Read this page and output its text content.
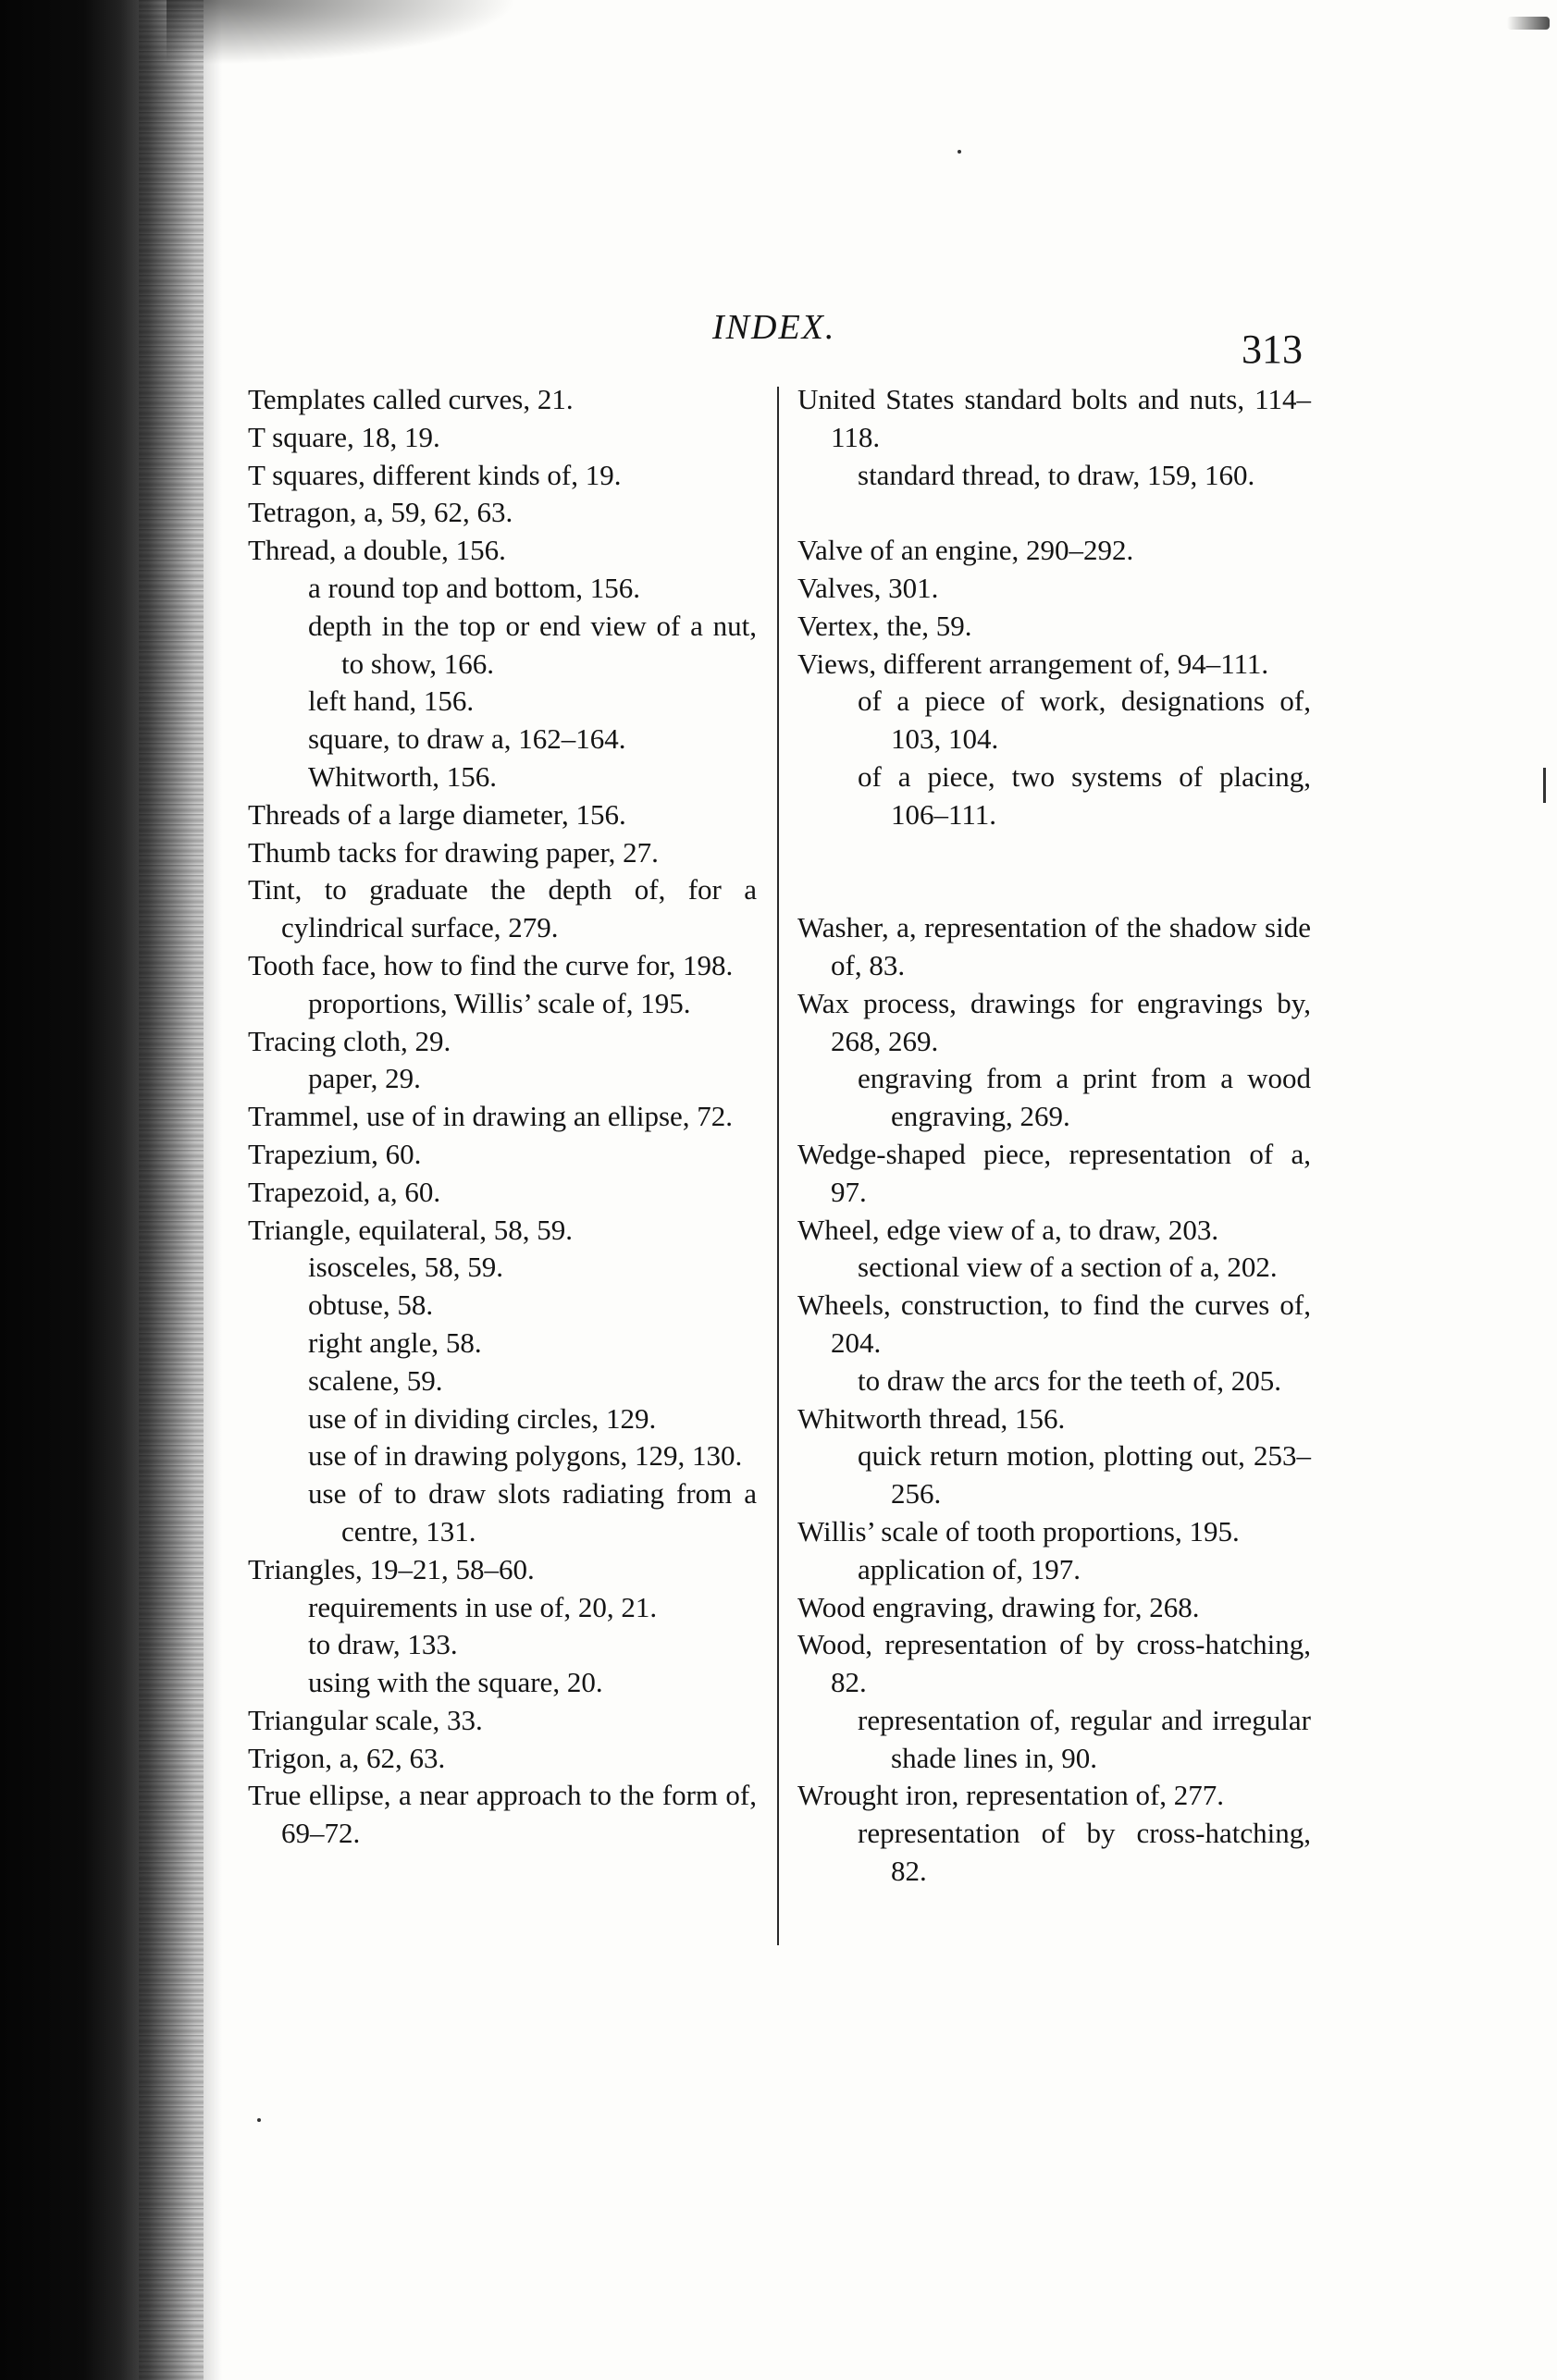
INDEX.	313
Templates called curves, 21.
T square, 18, 19.
T squares, different kinds of, 19.
Tetragon, a, 59, 62, 63.
Thread, a double, 156.
a round top and bottom, 156.
depth in the top or end view of a nut, to show, 166.
left hand, 156.
square, to draw a, 162–164.
Whitworth, 156.
Threads of a large diameter, 156.
Thumb tacks for drawing paper, 27.
Tint, to graduate the depth of, for a cylindrical surface, 279.
Tooth face, how to find the curve for, 198.
proportions, Willis’ scale of, 195.
Tracing cloth, 29.
paper, 29.
Trammel, use of in drawing an ellipse, 72.
Trapezium, 60.
Trapezoid, a, 60.
Triangle, equilateral, 58, 59.
isosceles, 58, 59.
obtuse, 58.
right angle, 58.
scalene, 59.
use of in dividing circles, 129.
use of in drawing polygons, 129, 130.
use of to draw slots radiating from a centre, 131.
Triangles, 19–21, 58–60.
requirements in use of, 20, 21.
to draw, 133.
using with the square, 20.
Triangular scale, 33.
Trigon, a, 62, 63.
True ellipse, a near approach to the form of, 69–72.
United States standard bolts and nuts, 114–118.
standard thread, to draw, 159, 160.
Valve of an engine, 290–292.
Valves, 301.
Vertex, the, 59.
Views, different arrangement of, 94–111.
of a piece of work, designations of, 103, 104.
of a piece, two systems of placing, 106–111.
Washer, a, representation of the shadow side of, 83.
Wax process, drawings for engravings by, 268, 269.
engraving from a print from a wood engraving, 269.
Wedge-shaped piece, representation of a, 97.
Wheel, edge view of a, to draw, 203.
sectional view of a section of a, 202.
Wheels, construction, to find the curves of, 204.
to draw the arcs for the teeth of, 205.
Whitworth thread, 156.
quick return motion, plotting out, 253–256.
Willis’ scale of tooth proportions, 195.
application of, 197.
Wood engraving, drawing for, 268.
Wood, representation of by cross-hatching, 82.
representation of, regular and irregular shade lines in, 90.
Wrought iron, representation of, 277.
representation of by cross-hatching, 82.
